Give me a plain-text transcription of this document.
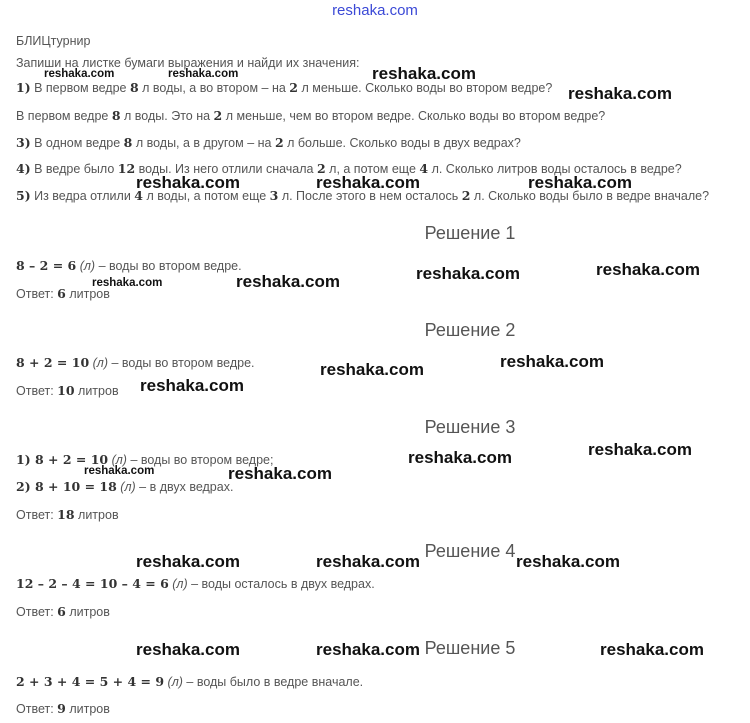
reshaka.com
БЛИЦтурнир
Запиши на листке бумаги выражения и найди их значения:
1) В первом ведре 8 л воды, а во втором – на 2 л меньше. Сколько воды во втором ведре?
В первом ведре 8 л воды. Это на 2 л меньше, чем во втором ведре. Сколько воды во втором ведре?
3) В одном ведре 8 л воды, а в другом – на 2 л больше. Сколько воды в двух ведрах?
4) В ведре было 12 воды. Из него отлили сначала 2 л, а потом еще 4 л. Сколько литров воды осталось в ведре?
5) Из ведра отлили 4 л воды, а потом еще 3 л. После этого в нем осталось 2 л. Сколько воды было в ведре вначале?
Решение 1
8 – 2 = 6 (л) – воды во втором ведре.
Ответ: 6 литров
Решение 2
8 + 2 = 10 (л) – воды во втором ведре.
Ответ: 10 литров
Решение 3
1) 8 + 2 = 10 (л) – воды во втором ведре;
2) 8 + 10 = 18 (л) – в двух ведрах.
Ответ: 18 литров
Решение 4
12 – 2 – 4 = 10 – 4 = 6 (л) – воды осталось в двух ведрах.
Ответ: 6 литров
Решение 5
2 + 3 + 4 = 5 + 4 = 9 (л) – воды было в ведре вначале.
Ответ: 9 литров
reshaka.com	reshaka.com	reshaka.com
reshaka.com
reshaka.com	reshaka.com	reshaka.com
reshaka.com	reshaka.com
reshaka.com	reshaka.com
reshaka.com
reshaka.com
reshaka.com
reshaka.com
reshaka.com
reshaka.com	reshaka.com
reshaka.com	reshaka.com	reshaka.com
reshaka.com	reshaka.com	reshaka.com
